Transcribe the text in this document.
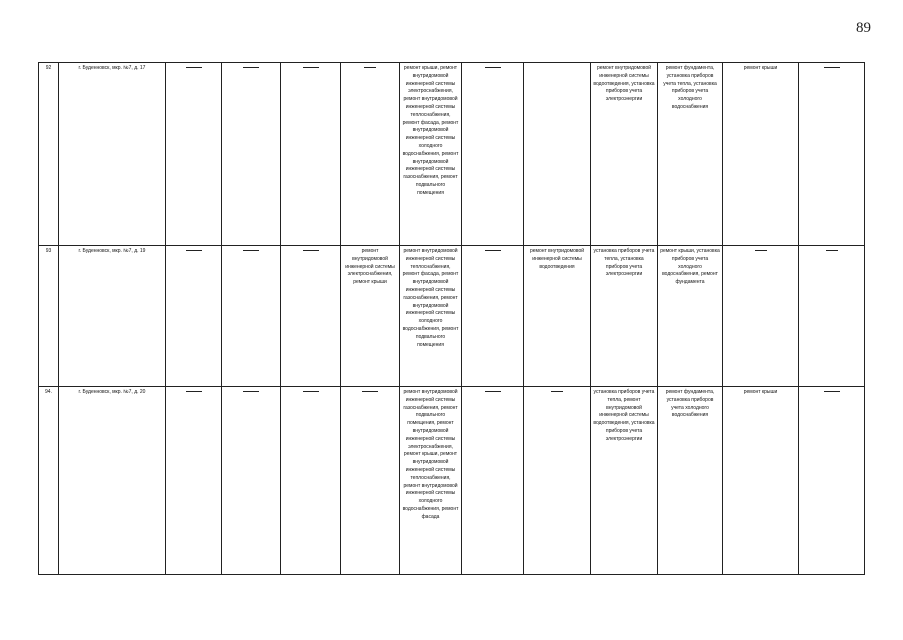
89
92	г. Буденновск, мкр. №7, д. 17					ремонт крыши, ремонт внутридомовой инженерной системы электроснабжения, ремонт внутридомовой инженерной системы теплоснабжения, ремонт фасада, ремонт внутридомовой инженерной системы холодного водоснабжения, ремонт внутридомовой инженерной системы газоснабжения, ремонт подвального помещения			ремонт внутридомовой инженерной системы водоотведения, установка приборов учета электроэнергии	ремонт фундамента, установка приборов учета тепла, установка приборов учета холодного водоснабжения	ремонт крыши	

93	г. Буденновск, мкр. №7, д. 19				ремонт внутридомовой инженерной системы электроснабжения, ремонт крыши	ремонт внутридомовой инженерной системы теплоснабжения, ремонт фасада, ремонт внутридомовой инженерной системы газоснабжения, ремонт внутридомовой инженерной системы холодного водоснабжения, ремонт подвального помещения		ремонт внутридомовой инженерной системы водоотведения	установка приборов учета тепла, установка приборов учета электроэнергии	ремонт крыши, установка приборов учета холодного водоснабжения, ремонт фундамента	

94.	г. Буденновск, мкр. №7, д. 20					ремонт внутридомовой инженерной системы газоснабжения, ремонт подвального помещения, ремонт внутридомовой инженерной системы электроснабжения, ремонт крыши, ремонт внутридомовой инженерной системы теплоснабжения, ремонт внутридомовой инженерной системы холодного водоснабжения, ремонт фасада			установка приборов учета тепла, ремонт внутридомовой инженерной системы водоотведения, установка приборов учета электроэнергии	ремонт фундамента, установка приборов учета холодного водоснабжения	ремонт крыши	
